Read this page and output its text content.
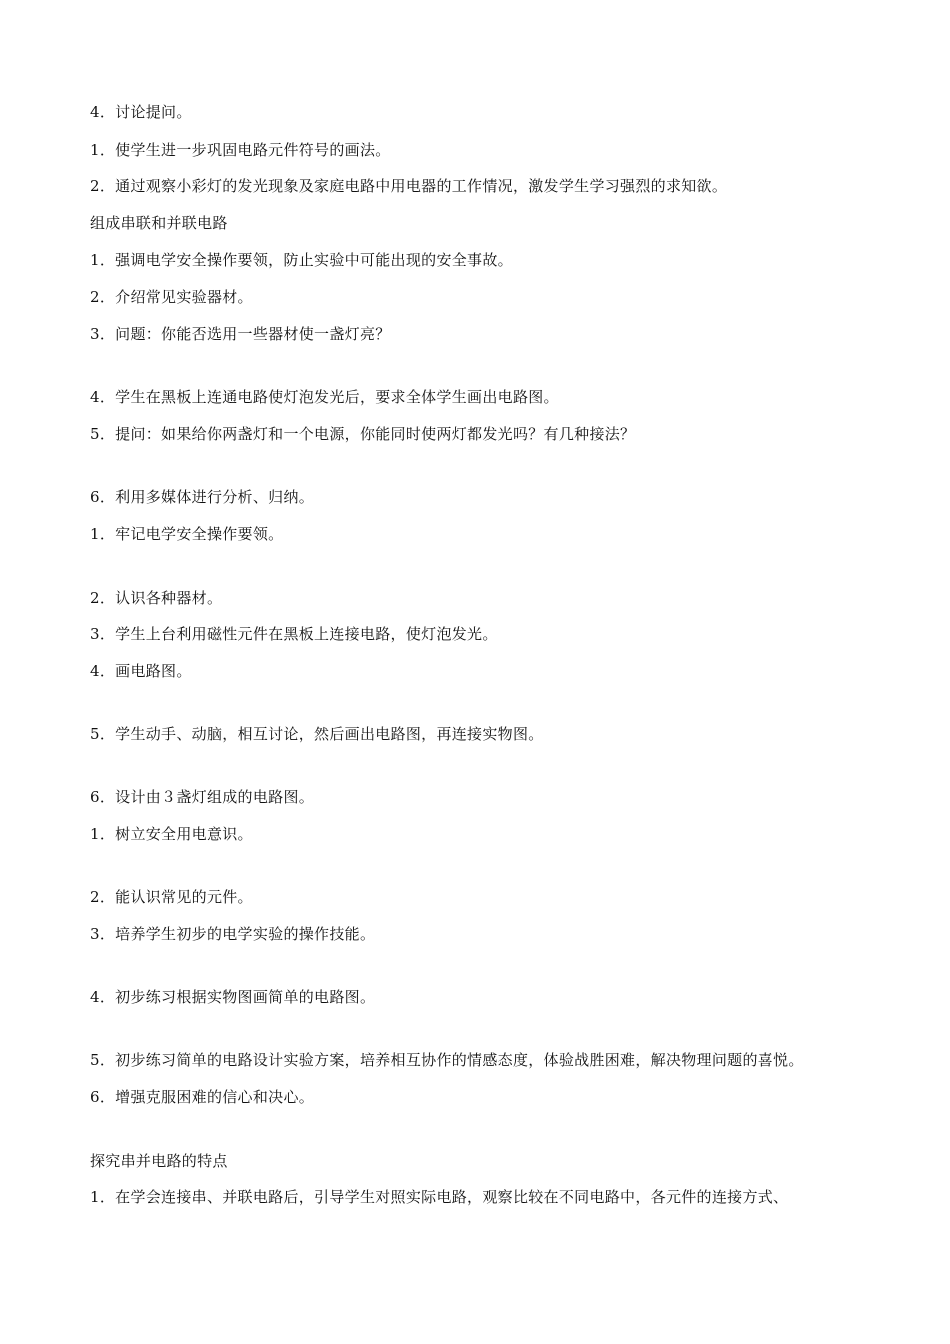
4．讨论提问。
1．使学生进一步巩固电路元件符号的画法。
2．通过观察小彩灯的发光现象及家庭电路中用电器的工作情况，激发学生学习强烈的求知欲。
组成串联和并联电路
1．强调电学安全操作要领，防止实验中可能出现的安全事故。
2．介绍常见实验器材。
3．问题：你能否选用一些器材使一盏灯亮？
4．学生在黑板上连通电路使灯泡发光后，要求全体学生画出电路图。
5．提问：如果给你两盏灯和一个电源，你能同时使两灯都发光吗？有几种接法？
6．利用多媒体进行分析、归纳。
1．牢记电学安全操作要领。
2．认识各种器材。
3．学生上台利用磁性元件在黑板上连接电路，使灯泡发光。
4．画电路图。
5．学生动手、动脑，相互讨论，然后画出电路图，再连接实物图。
6．设计由３盏灯组成的电路图。
1．树立安全用电意识。
2．能认识常见的元件。
3．培养学生初步的电学实验的操作技能。
4．初步练习根据实物图画简单的电路图。
5．初步练习简单的电路设计实验方案，培养相互协作的情感态度，体验战胜困难，解决物理问题的喜悦。
6．增强克服困难的信心和决心。
探究串并电路的特点
1．在学会连接串、并联电路后，引导学生对照实际电路，观察比较在不同电路中，各元件的连接方式、
